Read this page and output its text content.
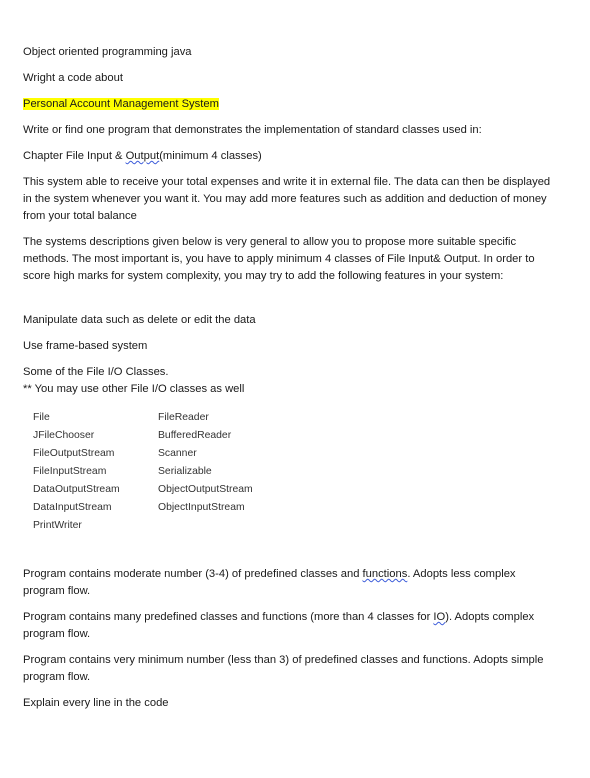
Object oriented programming java

Wright a code about

Personal Account Management System

Write or find one program that demonstrates the implementation of standard classes used in:

Chapter File Input & Output(minimum 4 classes)

This system able to receive your total expenses and write it in external file. The data can then be displayed in the system whenever you want it. You may add more features such as addition and deduction of money from your total balance

The systems descriptions given below is very general to allow you to propose more suitable specific methods. The most important is, you have to apply minimum 4 classes of File Input& Output. In order to score high marks for system complexity, you may try to add the following features in your system:

Manipulate data such as delete or edit the data

Use frame-based system

Some of the File I/O Classes.

** You may use other File I/O classes as well

File
JFileChooser
FileOutputStream
FileInputStream
DataOutputStream
DataInputStream
PrintWriter
FileReader
BufferedReader
Scanner
Serializable
ObjectOutputStream
ObjectInputStream

Program contains moderate number (3-4) of predefined classes and functions. Adopts less complex program flow.

Program contains many predefined classes and functions (more than 4 classes for IO). Adopts complex program flow.

Program contains very minimum number (less than 3) of predefined classes and functions. Adopts simple program flow.

Explain every line in the code
